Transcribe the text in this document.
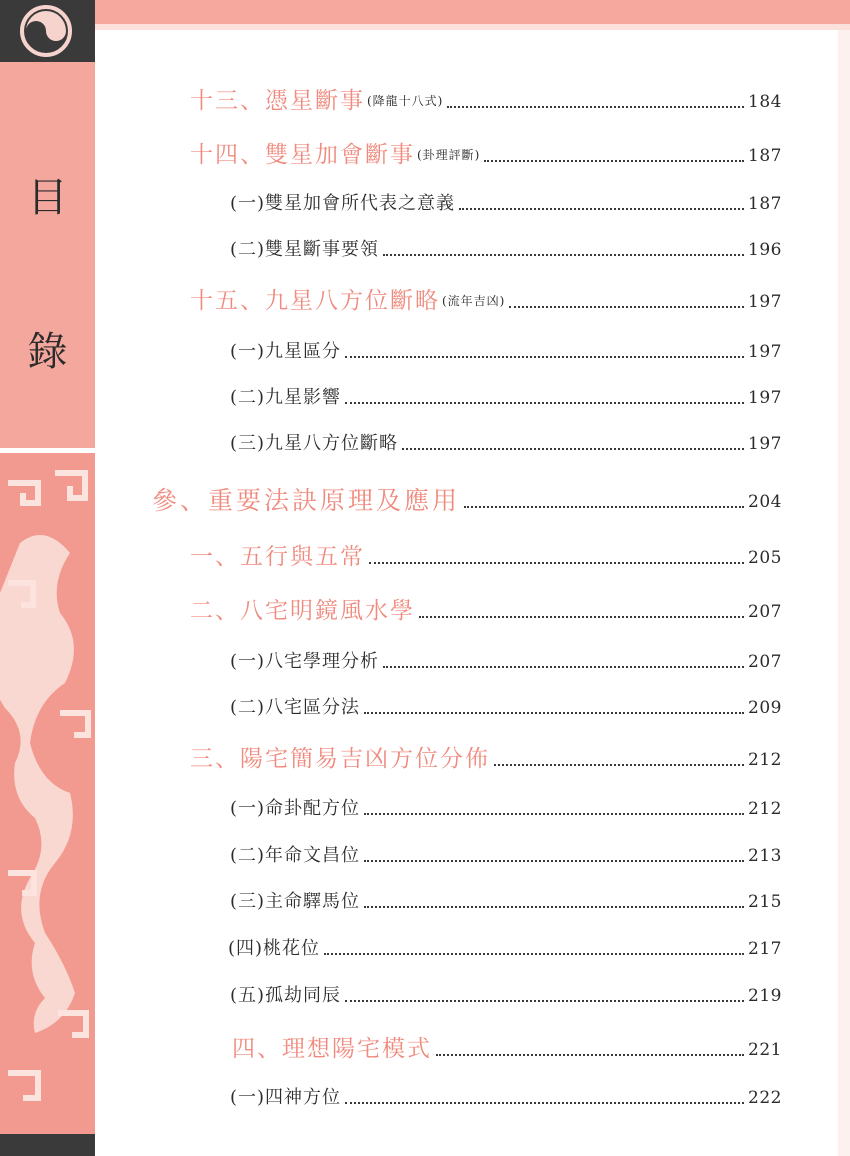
目
錄
十三、憑星斷事 (降龍十八式)	184
十四、雙星加會斷事 (卦理評斷)	187
(一)雙星加會所代表之意義	187
(二)雙星斷事要領	196
十五、九星八方位斷略 (流年吉凶)	197
(一)九星區分	197
(二)九星影響	197
(三)九星八方位斷略	197
參、重要法訣原理及應用	204
一、五行與五常	205
二、八宅明鏡風水學	207
(一)八宅學理分析	207
(二)八宅區分法	209
三、陽宅簡易吉凶方位分佈	212
(一)命卦配方位	212
(二)年命文昌位	213
(三)主命驛馬位	215
(四)桃花位	217
(五)孤劫同辰	219
四、理想陽宅模式	221
(一)四神方位	222
